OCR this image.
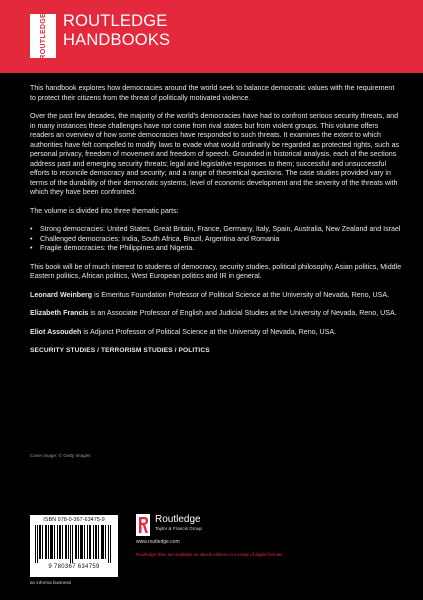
ROUTLEDGE ROUTLEDGE
HANDBOOKS

This handbook explores how democracies around the world seek to balance democratic values with the requirement to protect their citizens from the threat of politically motivated violence.

Over the past few decades, the majority of the world's democracies have had to confront serious security threats, and in many instances these challenges have not come from rival states but from violent groups. This volume offers readers an overview of how some democracies have responded to such threats. It examines the extent to which authorities have felt compelled to modify laws to evade what would ordinarily be regarded as protected rights, such as personal privacy, freedom of movement and freedom of speech. Grounded in historical analysis, each of the sections address past and emerging security threats; legal and legislative responses to them; successful and unsuccessful efforts to reconcile democracy and security; and a range of theoretical questions. The case studies provided vary in terms of the durability of their democratic systems, level of economic development and the severity of the threats with which they have been confronted.

The volume is divided into three thematic parts:

• Strong democracies: United States, Great Britain, France, Germany, Italy, Spain, Australia, New Zealand and Israel
• Challenged democracies: India, South Africa, Brazil, Argentina and Romania
• Fragile democracies: the Philippines and Nigeria.

This book will be of much interest to students of democracy, security studies, political philosophy, Asian politics, Middle Eastern politics, African politics, West European politics and IR in general.

Leonard Weinberg is Emeritus Foundation Professor of Political Science at the University of Nevada, Reno, USA.

Elizabeth Francis is an Associate Professor of English and Judicial Studies at the University of Nevada, Reno, USA.

Eliot Assoudeh is Adjunct Professor of Political Science at the University of Nevada, Reno, USA.

SECURITY STUDIES / TERRORISM STUDIES / POLITICS
Cover image: © Getty Images
ISBN 978-0-367-63475-9
9 780367 634759
an informa business
Routledge
Taylor & Francis Group
www.routledge.com
Routledge titles are available as eBook editions in a range of digital formats
